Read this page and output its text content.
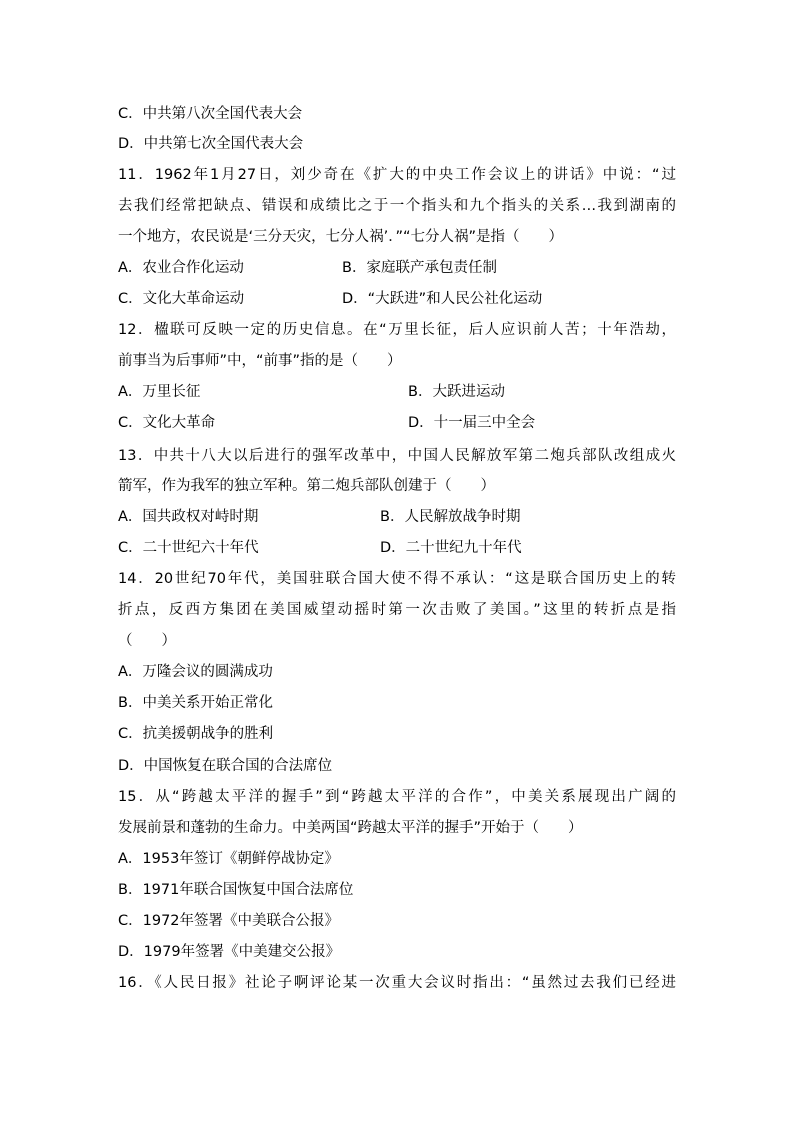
C．中共第八次全国代表大会
D．中共第七次全国代表大会
11．1962年1月27日，刘少奇在《扩大的中央工作会议上的讲话》中说：“过
去我们经常把缺点、错误和成绩比之于一个指头和九个指头的关系…我到湖南的
一个地方，农民说是‘三分天灾，七分人祸’．”“七分人祸”是指（　　）
A．农业合作化运动	B．家庭联产承包责任制
C．文化大革命运动	D．“大跃进”和人民公社化运动
12．楹联可反映一定的历史信息。在“万里长征，后人应识前人苦；十年浩劫，
前事当为后事师”中，“前事”指的是（　　）
A．万里长征	B．大跃进运动
C．文化大革命	D．十一届三中全会
13．中共十八大以后进行的强军改革中，中国人民解放军第二炮兵部队改组成火
箭军，作为我军的独立军种。第二炮兵部队创建于（　　）
A．国共政权对峙时期	B．人民解放战争时期
C．二十世纪六十年代	D．二十世纪九十年代
14．20世纪70年代，美国驻联合国大使不得不承认：“这是联合国历史上的转
折点，反西方集团在美国威望动摇时第一次击败了美国。”这里的转折点是指
（　　）
A．万隆会议的圆满成功
B．中美关系开始正常化
C．抗美援朝战争的胜利
D．中国恢复在联合国的合法席位
15．从“跨越太平洋的握手”到“跨越太平洋的合作”，中美关系展现出广阔的
发展前景和蓬勃的生命力。中美两国“跨越太平洋的握手”开始于（　　）
A．1953年签订《朝鲜停战协定》
B．1971年联合国恢复中国合法席位
C．1972年签署《中美联合公报》
D．1979年签署《中美建交公报》
16．《人民日报》社论子啊评论某一次重大会议时指出：“虽然过去我们已经进
